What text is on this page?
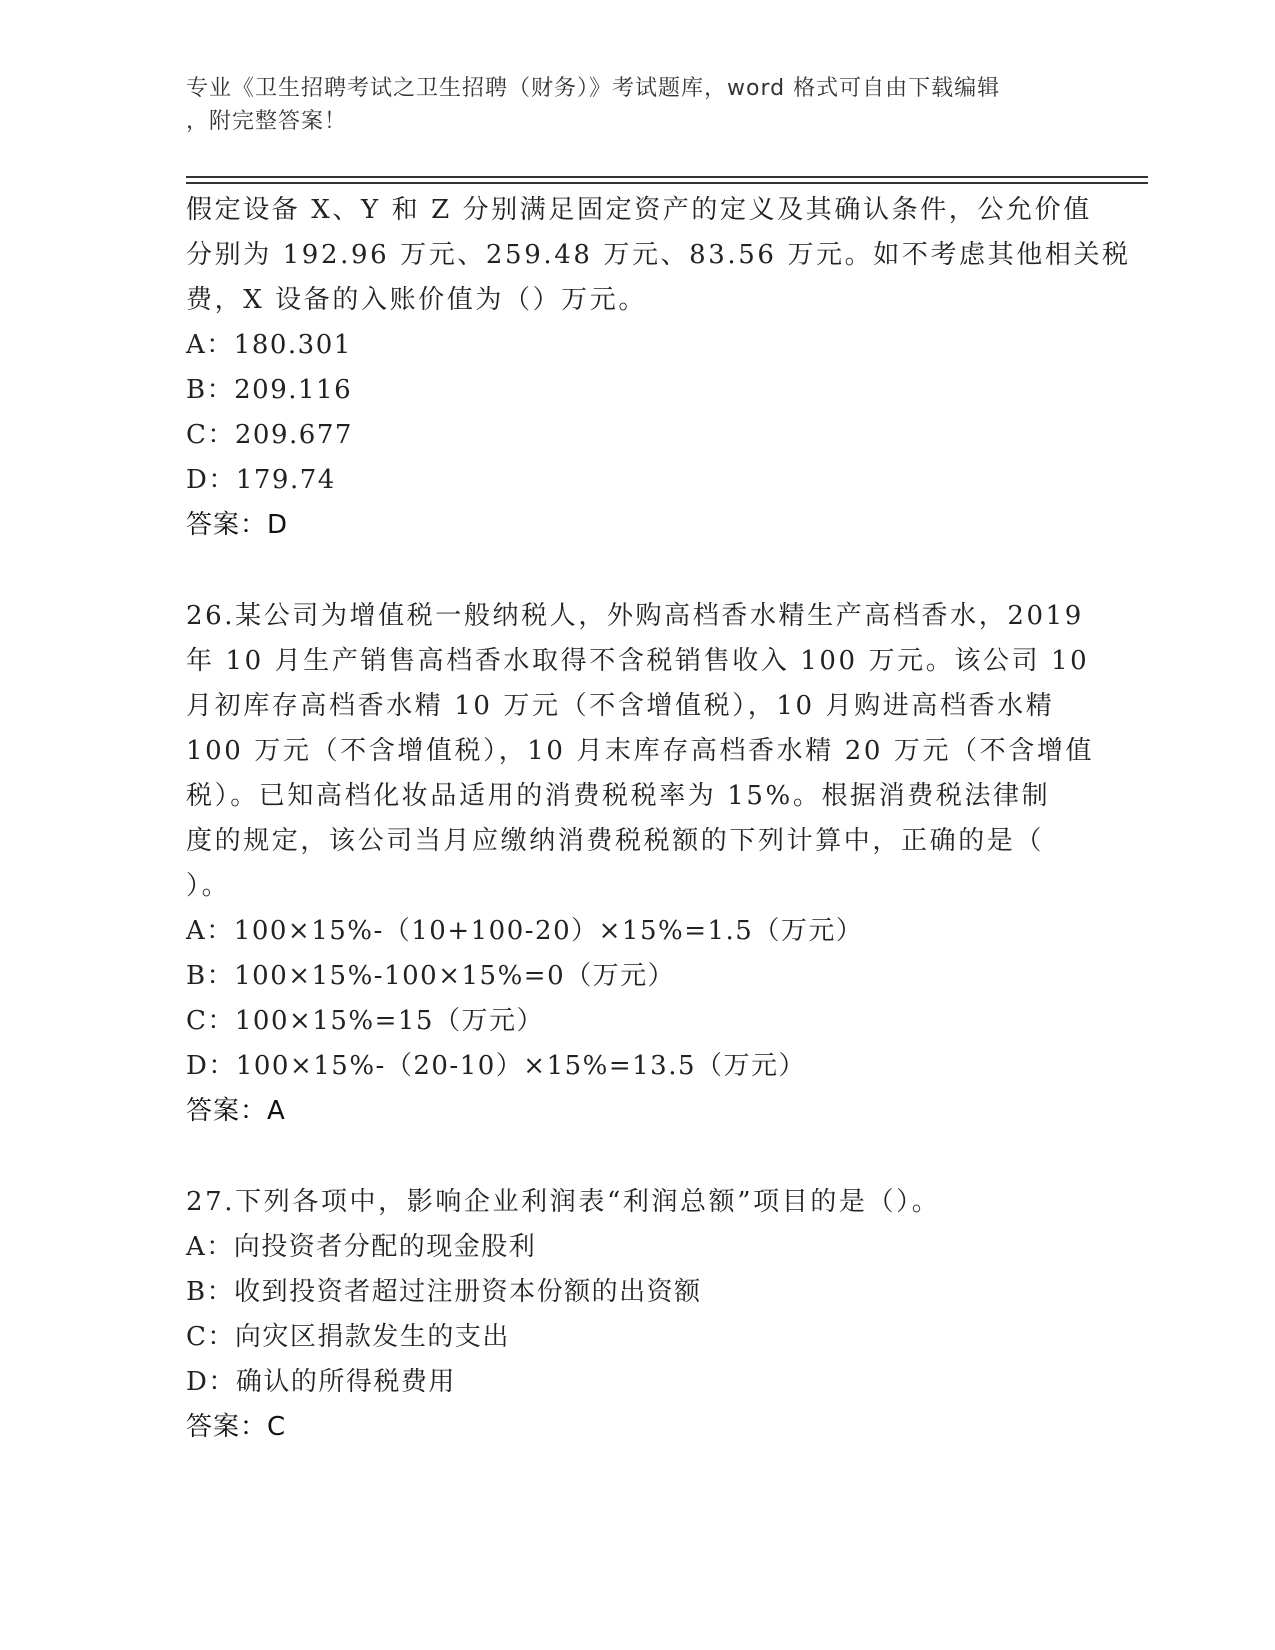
专业《卫生招聘考试之卫生招聘（财务）》考试题库，word 格式可自由下载编辑
，附完整答案！
假定设备 X、Y 和 Z 分别满足固定资产的定义及其确认条件，公允价值
分别为 192.96 万元、259.48 万元、83.56 万元。如不考虑其他相关税
费，X 设备的入账价值为（）万元。
A：180.301
B：209.116
C：209.677
D：179.74
答案：D
26.某公司为增值税一般纳税人，外购高档香水精生产高档香水，2019
年 10 月生产销售高档香水取得不含税销售收入 100 万元。该公司 10
月初库存高档香水精 10 万元（不含增值税），10 月购进高档香水精
100 万元（不含增值税），10 月末库存高档香水精 20 万元（不含增值
税）。已知高档化妆品适用的消费税税率为 15%。根据消费税法律制
度的规定，该公司当月应缴纳消费税税额的下列计算中，正确的是（
）。
A：100×15%-（10+100-20）×15%=1.5（万元）
B：100×15%-100×15%=0（万元）
C：100×15%=15（万元）
D：100×15%-（20-10）×15%=13.5（万元）
答案：A
27.下列各项中，影响企业利润表“利润总额”项目的是（）。
A：向投资者分配的现金股利
B：收到投资者超过注册资本份额的出资额
C：向灾区捐款发生的支出
D：确认的所得税费用
答案：C
